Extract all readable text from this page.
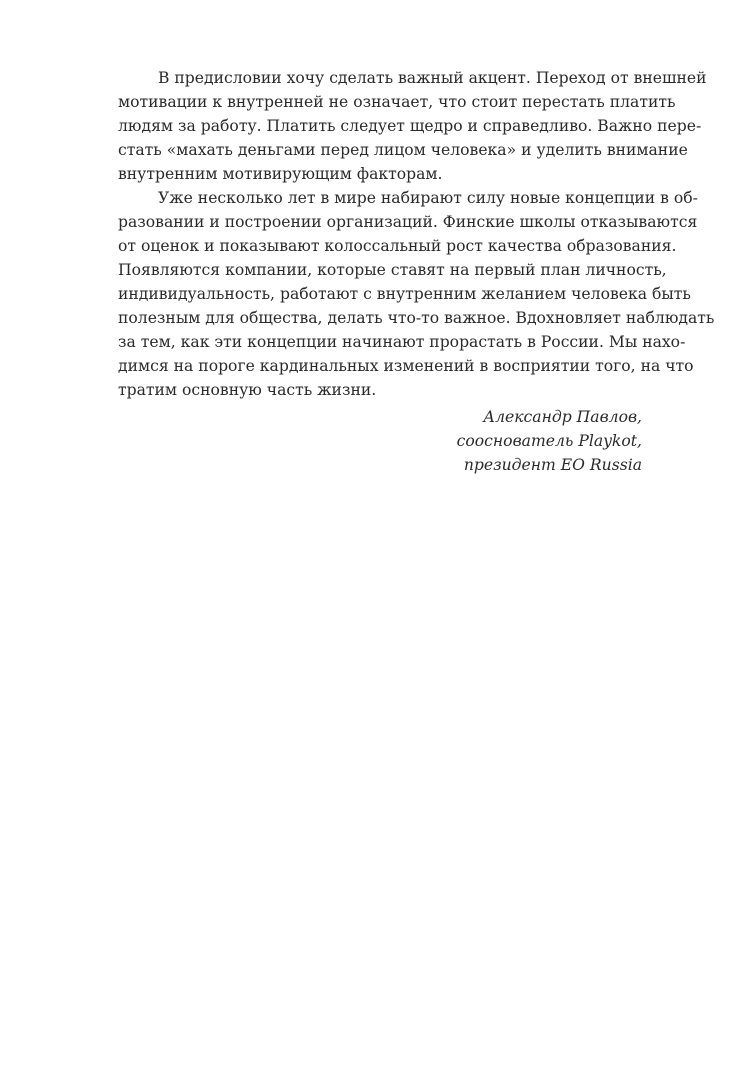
В предисловии хочу сделать важный акцент. Переход от внешней
мотивации к внутренней не означает, что стоит перестать платить
людям за работу. Платить следует щедро и справедливо. Важно пере-
стать «махать деньгами перед лицом человека» и уделить внимание
внутренним мотивирующим факторам.
Уже несколько лет в мире набирают силу новые концепции в об-
разовании и построении организаций. Финские школы отказываются
от оценок и показывают колоссальный рост качества образования.
Появляются компании, которые ставят на первый план личность,
индивидуальность, работают с внутренним желанием человека быть
полезным для общества, делать что-то важное. Вдохновляет наблюдать
за тем, как эти концепции начинают прорастать в России. Мы нахо-
димся на пороге кардинальных изменений в восприятии того, на что
тратим основную часть жизни.
Александр Павлов,
сооснователь Playkot,
президент EO Russia
